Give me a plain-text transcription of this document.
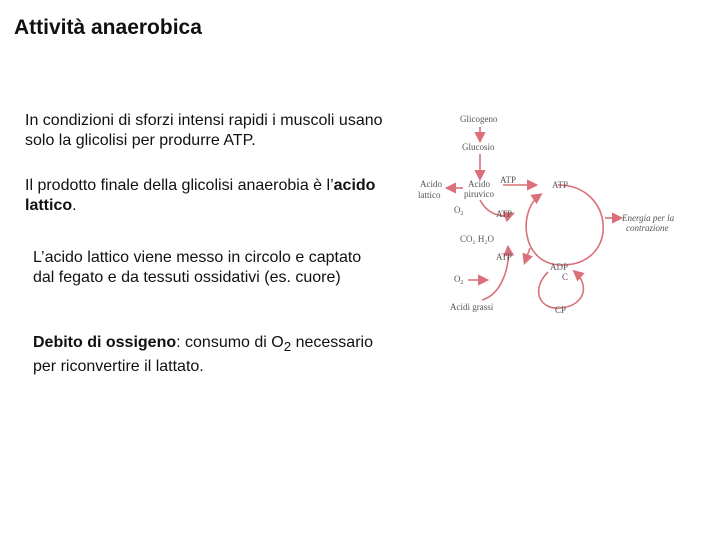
Attività anaerobica
In condizioni di sforzi intensi rapidi i muscoli usano solo la glicolisi per produrre ATP.
Il prodotto finale della glicolisi anaerobia è l’acido lattico.
L’acido lattico viene messo in circolo e captato dal fegato e da tessuti ossidativi (es. cuore)
Debito di ossigeno: consumo di $O_2$ necessario per riconvertire il lattato.
Glicogeno
Glucosio
Acido
lattico
Acido
piruvico
ATP	ATP
$O_2$	ATP
CO₂ H₂O
ATP
$O_2$
Acidi grassi
ADP
C
CP
Energia per la
contrazione
